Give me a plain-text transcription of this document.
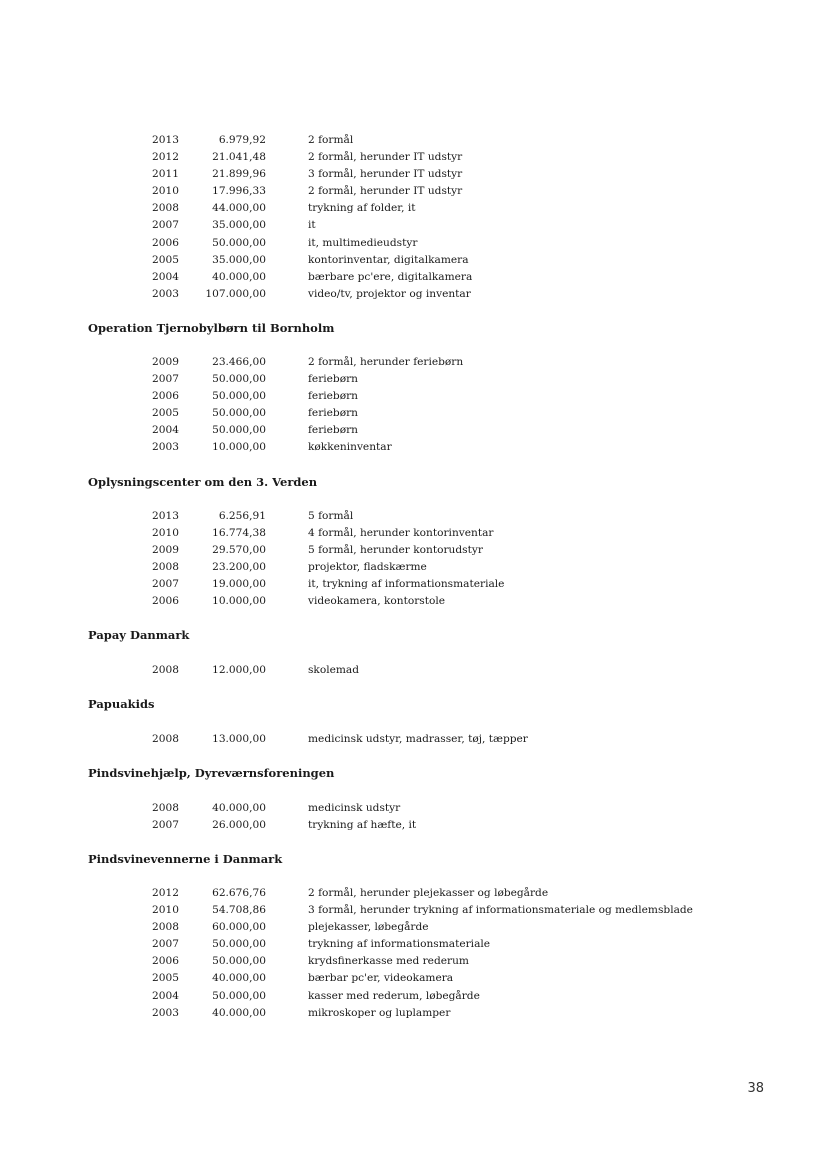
2013	6.979,92	2 formål
2012	21.041,48	2 formål, herunder IT udstyr
2011	21.899,96	3 formål, herunder IT udstyr
2010	17.996,33	2 formål, herunder IT udstyr
2008	44.000,00	trykning af folder, it
2007	35.000,00	it
2006	50.000,00	it, multimedieudstyr
2005	35.000,00	kontorinventar, digitalkamera
2004	40.000,00	bærbare pc'ere, digitalkamera
2003	107.000,00	video/tv, projektor og inventar
Operation Tjernobylbørn til Bornholm
2009	23.466,00	2 formål, herunder feriebørn
2007	50.000,00	feriebørn
2006	50.000,00	feriebørn
2005	50.000,00	feriebørn
2004	50.000,00	feriebørn
2003	10.000,00	køkkeninventar
Oplysningscenter om den 3. Verden
2013	6.256,91	5 formål
2010	16.774,38	4 formål, herunder kontorinventar
2009	29.570,00	5 formål, herunder kontorudstyr
2008	23.200,00	projektor, fladskærme
2007	19.000,00	it, trykning af informationsmateriale
2006	10.000,00	videokamera, kontorstole
Papay Danmark
2008	12.000,00	skolemad
Papuakids
2008	13.000,00	medicinsk udstyr, madrasser, tøj, tæpper
Pindsvinehjælp, Dyreværnsforeningen
2008	40.000,00	medicinsk udstyr
2007	26.000,00	trykning af hæfte, it
Pindsvinevennerne i Danmark
2012	62.676,76	2 formål, herunder plejekasser og løbegårde
2010	54.708,86	3 formål, herunder trykning af informationsmateriale og medlemsblade
2008	60.000,00	plejekasser, løbegårde
2007	50.000,00	trykning af informationsmateriale
2006	50.000,00	krydsfinerkasse med rederum
2005	40.000,00	bærbar pc'er, videokamera
2004	50.000,00	kasser med rederum, løbegårde
2003	40.000,00	mikroskoper og luplamper
38
